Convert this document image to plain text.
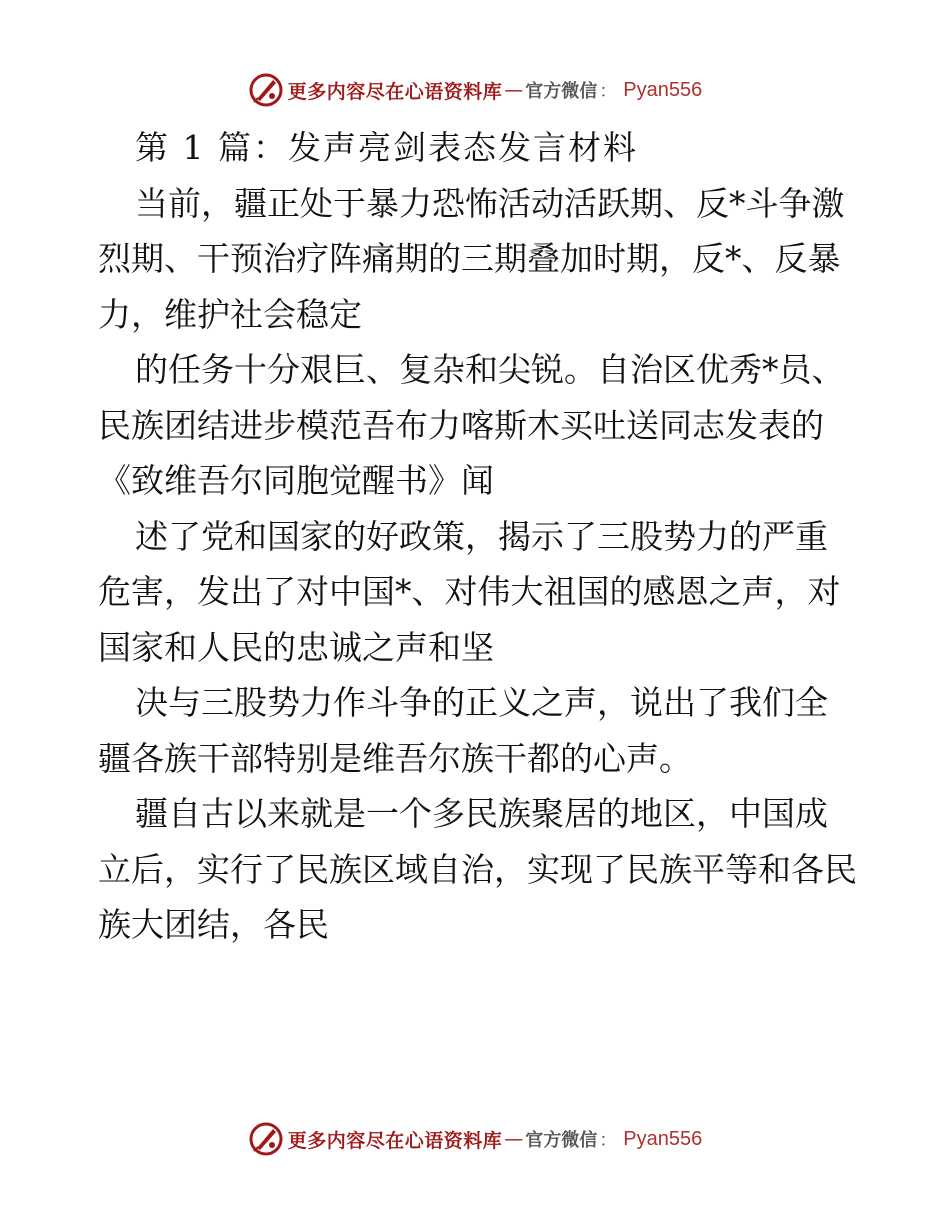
更多内容尽在心语资料库 — 官方微信 ： Pyan556

第 1 篇：发声亮剑表态发言材料

当前，疆正处于暴力恐怖活动活跃期、反*斗争激烈期、干预治疗阵痛期的三期叠加时期，反*、反暴力，维护社会稳定

的任务十分艰巨、复杂和尖锐。自治区优秀*员、民族团结进步模范吾布力喀斯木买吐送同志发表的《致维吾尔同胞觉醒书》闻

述了党和国家的好政策，揭示了三股势力的严重危害，发出了对中国*、对伟大祖国的感恩之声，对国家和人民的忠诚之声和坚

决与三股势力作斗争的正义之声，说出了我们全疆各族干部特别是维吾尔族干都的心声。

疆自古以来就是一个多民族聚居的地区，中国成立后，实行了民族区域自治，实现了民族平等和各民族大团结，各民

更多内容尽在心语资料库 — 官方微信 ： Pyan556
